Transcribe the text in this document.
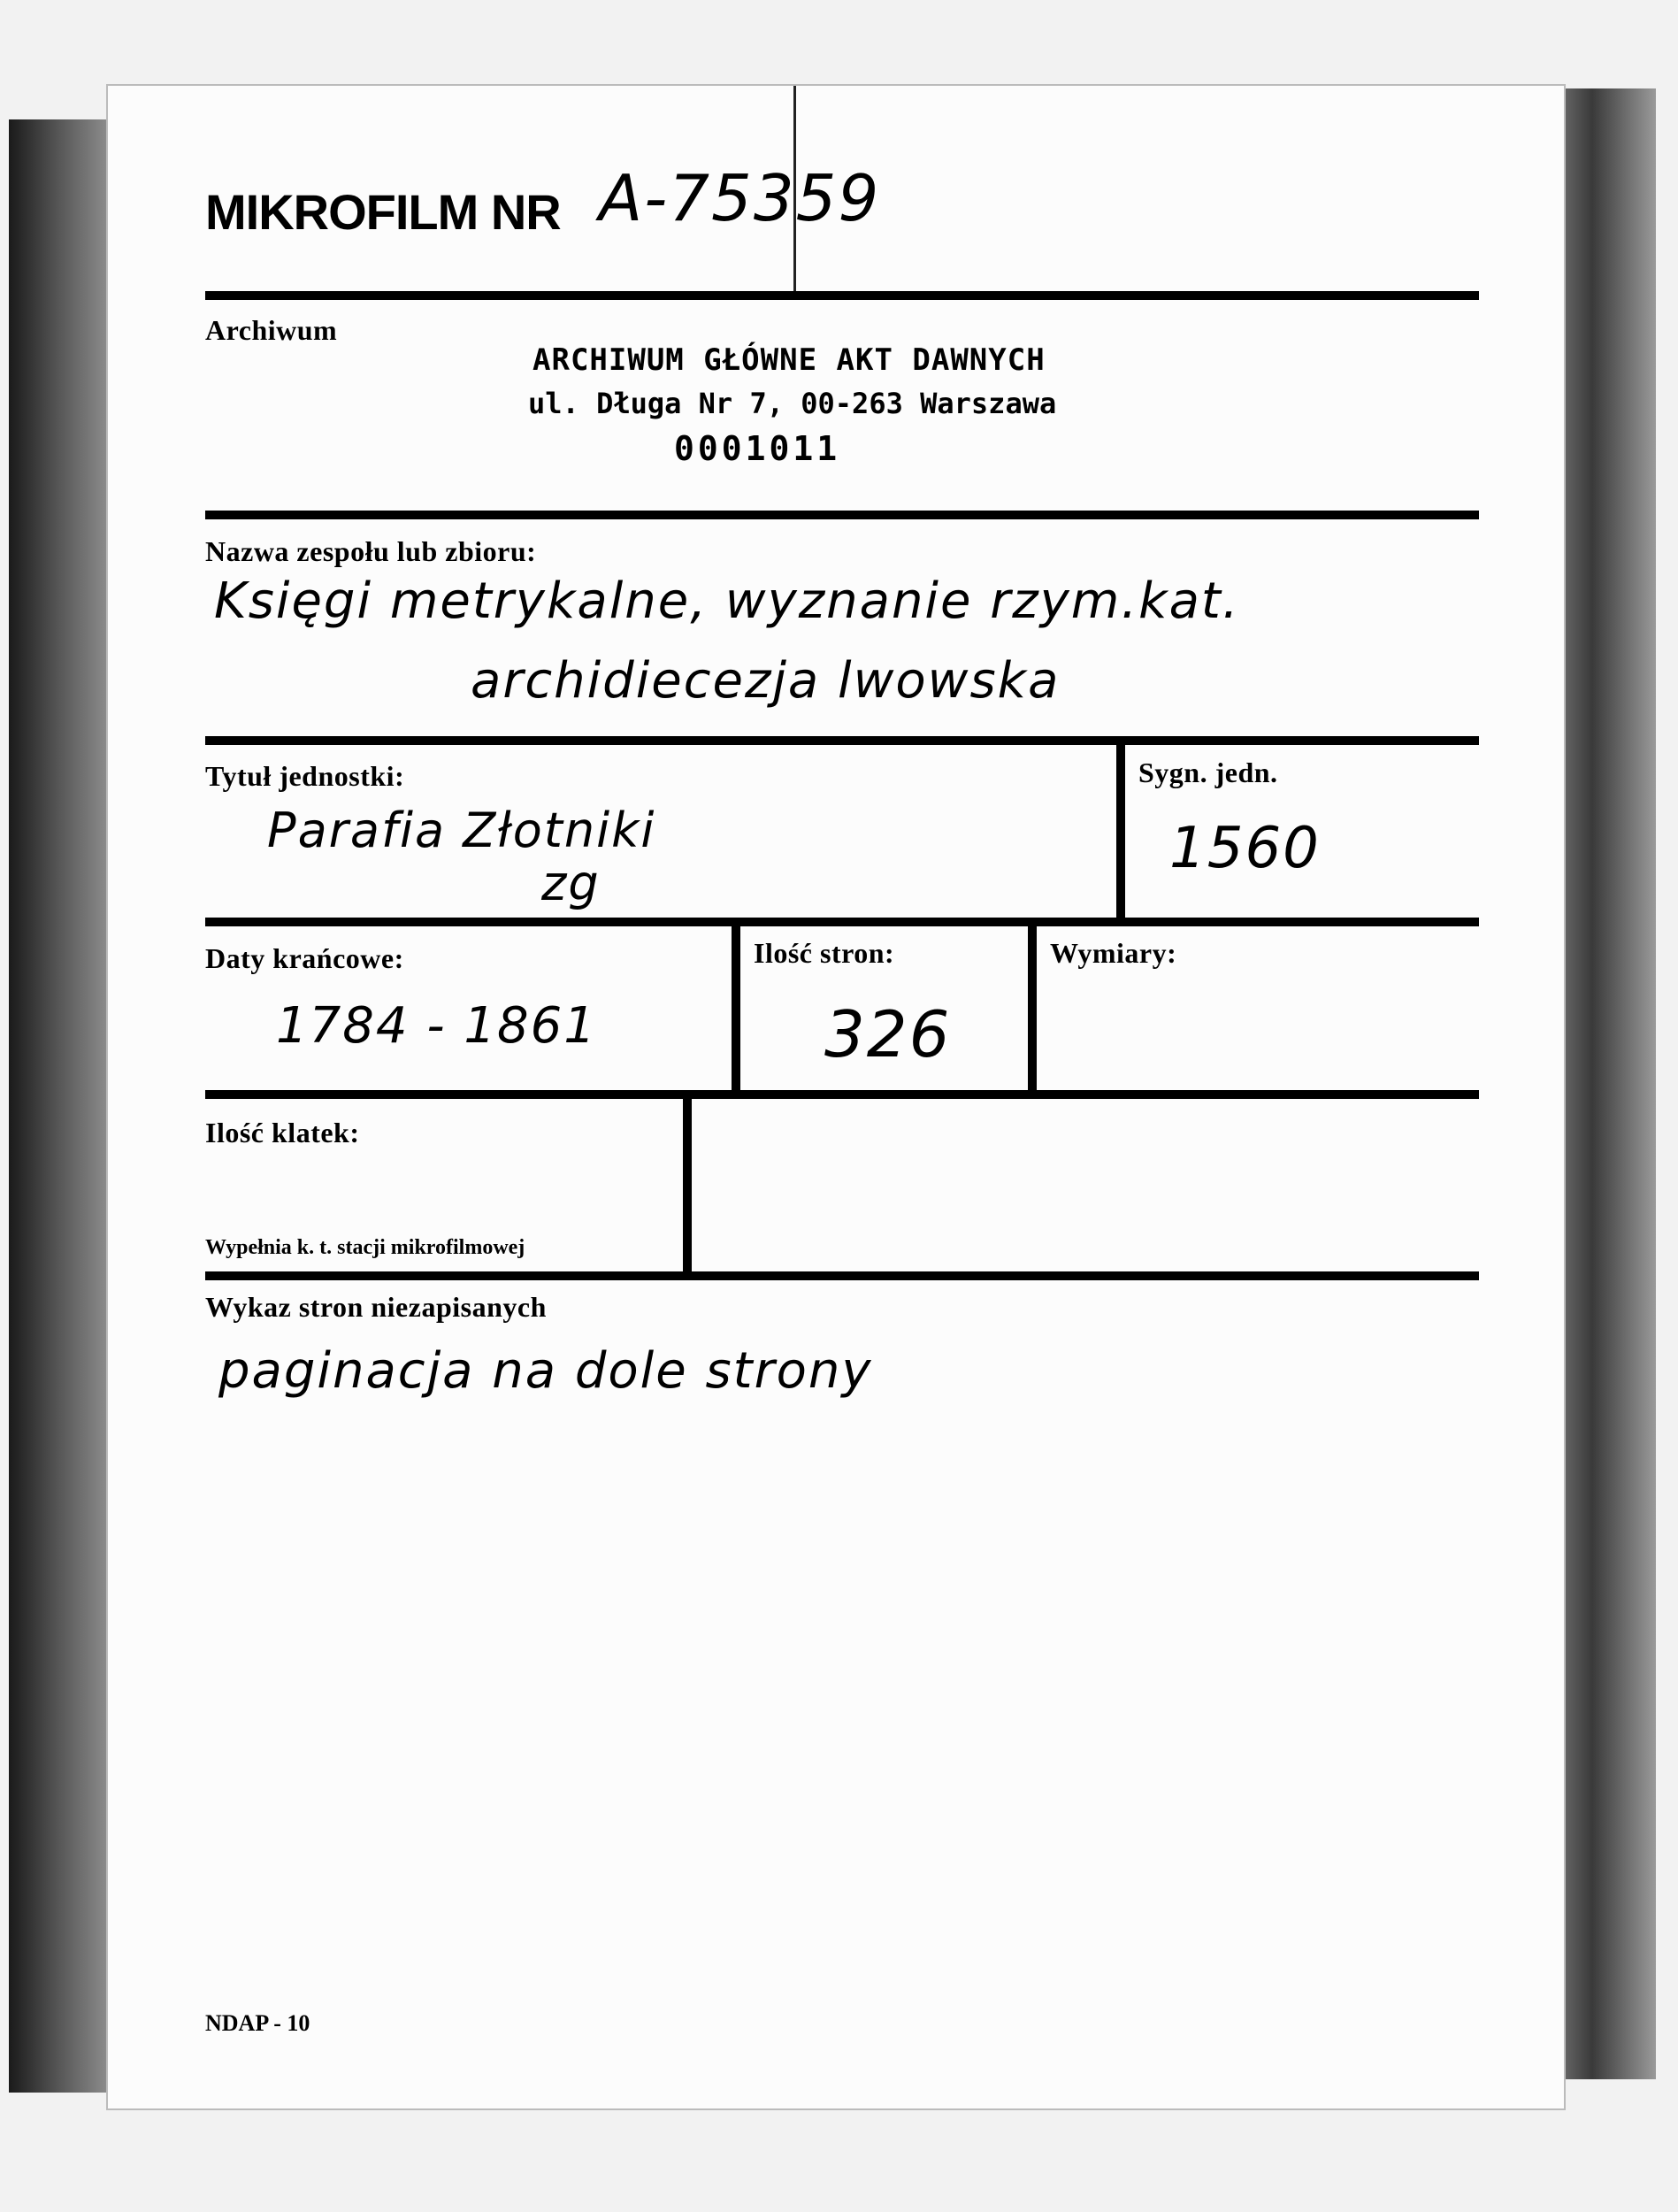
MIKROFILM NR A-75359
Archiwum
ARCHIWUM GŁÓWNE AKT DAWNYCH
ul. Długa Nr 7, 00-263 Warszawa
0001011
Nazwa zespołu lub zbioru:
Księgi metrykalne, wyznanie rzym.kat.
archidiecezja lwowska
Tytuł jednostki:
Parafia Złotniki
zg
Sygn. jedn.
1560
Daty krańcowe:
1784 - 1861
Ilość stron:
326
Wymiary:
Ilość klatek:
Wypełnia k. t. stacji mikrofilmowej
Wykaz stron niezapisanych
paginacja na dole strony
NDAP - 10
